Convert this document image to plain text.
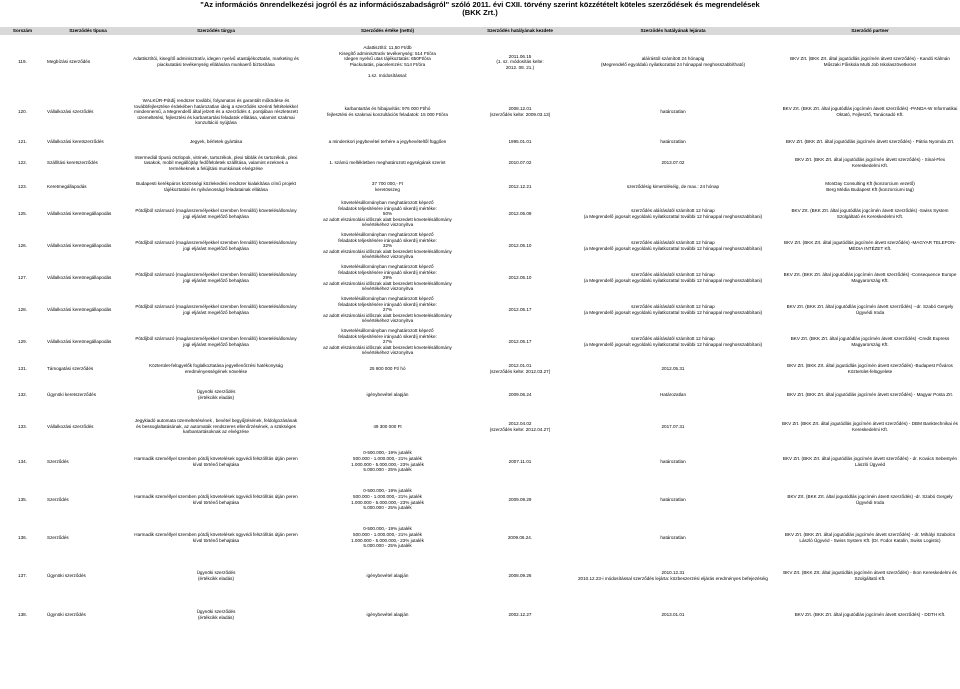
"Az információs önrendelkezési jogról és az információszabadságról" szóló 2011. évi CXII. törvény szerint közzétételt köteles szerződések és megrendelések
(BKK Zrt.)
Sorszám	Szerződés típusa	Szerződés tárgya	Szerződés értéke (nettó)	Szerződés hatályának kezdete	Szerződés hatályának lejárata	Szerződő partner
119.	Megbízási szerződés	Adattisztítói, kisegítő adminisztratív, idegen nyelvű utastájékoztatás, marketing és piackutatási tevékenység ellátására munkaerő biztosítása	Adattisztító: 11,50 Ft/db
Kisegítő adminisztratív tevékenység: 514 Ft/óra
Idegen nyelvű utas tájékoztatás: 650Ft/óra
Piackutatás, piacelemzés: 514 Ft/óra

1.sz. módosítással:	2011.06.15
(1. sz. módosítás kelte:
2012. 08. 21.)	aláírástól számított 24 hónapig
(Megrendelő egyoldalú nyilatkozattal 24 hónappal meghosszabbítható)	BKV Zrt. (BKK Zrt. által jogutódlás jogcímén átvett szerződés) - Kandó Kálmán Műszaki Főiskola Multi Job Iskolaszövetkezet

120.	Vállalkozási szerződés	WALKÜR-Pótdíj rendszer további, folyamatos és garantált működése és továbbfejlesztése érdekében határozatlan ideig a szerződés szerinti feltételekkel mindennemű, a Megrendelő által jelzett és a szerződés 4. pontjában részletezett üzemeltetési, fejlesztési és karbantartási feladatok ellátása, valamint szakmai konzultáció nyújtása	karbantartás és hibajavítás: 976 000 Ft/hó
fejlesztési és szakmai konzultációs feladatok: 15 000 Ft/óra	2008.12.01
(szerződés kelte: 2009.03.13)	határozatlan	BKV Zrt. (BKK Zrt. által jogutódlás jogcímén átvett szerződés) -PANDA-W Informatikai Oktató, Fejlesztő, Tanácsadó Kft.

121.	Vállalkozási keretszerződés	Jegyek, bérletek gyártása	a mindenkori jegybevétel terhére a jegyhevételtől függően	1995.01.01	határozatlan	BKV Zrt. (BKK Zrt. által jogutódlás jogcímén átvett szerződés) - Pátria Nyomda Zrt.

122.	Szállítási keretszerződés	Intermediál típusú öszlopok, vitrinek, tartozékok, plexi táblák és tartozékok, plexi tasakok, mobil megállójtáp fedőfelületek szállítása, valamint ezeknek a termékeknek a felújítási munkáinak elvégzése	1. számú mellékletben meghatározott egységárak szerint	2010.07.02	2013.07.02	BKV Zrt. (BKK Zrt. által jogutódlás jogcímén átvett szerződés) - Sinal-Flex Kereskedelmi Kft.

123.	Keretmegállapodás	Budapesti kerékpáros közösségi közlekedési rendszer kialakítása című projekt tájékoztatási és nyilvánossági feladatainak ellátása	37 700 000,- Ft
keretösszeg	2012.12.21	szerződésig kimerüléséig, de max.: 24 hónap	MonDay Consulting Kft (konzorcium vezető)
Berg Média Budapest Kft (konzorciumi tag)

125.	Vállalkozási keretmegállapodás	Pótdíjból származó (magánszemélyekkel szemben fennálló) követelésállomány jogi eljárást megelőző behajtása	követelésállományban meghatározott képező
feladatok teljesítésére irányadó sikerdíj mértéke:
50%
az adott elszámolási időszak alatt beszedett követelésállomány
névértékéhez viszonyítva	2012.05.09	szerződés aláírásától számított 12 hónap
(a Megrendelő jogosult egyoldalú nyilatkozattal további 12 hónappal meghosszabbítani)	BKV Zrt. (BKK Zrt. által jogutódlás jogcímén átvett szerződés) -Swiss System Szolgáltató és Kereskedelmi Kft.
126.	Vállalkozási keretmegállapodás	Pótdíjból származó (magánszemélyekkel szemben fennálló) követelésállomány jogi eljárást megelőző behajtása	követelésállományban meghatározott képező
feladatok teljesítésére irányadó sikerdíj mértéke:
32%
az adott elszámolási időszak alatt beszedett követelésállomány
névértékéhez viszonyítva	2012.05.10	szerződés aláírásától számított 12 hónap
(a Megrendelő jogosult egyoldalú nyilatkozattal további 12 hónappal meghosszabbítani)	BKV Zrt. (BKK Zrt. által jogutódlás jogcímén átvett szerződés) -MAGYAR TELEFON-MÉDIA INTÉZET Kft.
127.	Vállalkozási keretmegállapodás	Pótdíjból származó (magánszemélyekkel szemben fennálló) követelésállomány jogi eljárást megelőző behajtása	követelésállományban meghatározott képező
feladatok teljesítésére irányadó sikerdíj mértéke:
29%
az adott elszámolási időszak alatt beszedett követelésállomány
névértékéhez viszonyítva	2012.05.10	szerződés aláírásától számított 12 hónap
(a Megrendelő jogosult egyoldalú nyilatkozattal további 12 hónappal meghosszabbítani)	BKV Zrt. (BKK Zrt. által jogutódlás jogcímén átvett szerződés) -Consequence Europe Magyarország Kft.
128.	Vállalkozási keretmegállapodás	Pótdíjból származó (magánszemélyekkel szemben fennálló) követelésállomány jogi eljárást megelőző behajtása	követelésállományban meghatározott képező
feladatok teljesítésére irányadó sikerdíj mértéke:
27%
az adott elszámolási időszak alatt beszedett követelésállomány
névértékéhez viszonyítva	2012.05.17	szerződés aláírásától számított 12 hónap
(a Megrendelő jogosult egyoldalú nyilatkozattal további 12 hónappal meghosszabbítani)	BKV Zrt. (BKK Zrt. által jogutódlás jogcímén átvett szerződés) --dr. Szabó Gergely Ügyvédi Iroda
129.	Vállalkozási keretmegállapodás	Pótdíjból származó (magánszemélyekkel szemben fennálló) követelésállomány jogi eljárást megelőző behajtása	követelésállományban meghatározott képező
feladatok teljesítésére irányadó sikerdíj mértéke:
27%
az adott elszámolási időszak alatt beszedett követelésállomány
névértékéhez viszonyítva	2012.05.17	szerződés aláírásától számított 12 hónap
(a Megrendelő jogosult egyoldalú nyilatkozattal további 12 hónappal meghosszabbítani)	BKV Zrt. (BKK Zrt. által jogutódlás jogcímén átvett szerződés) -Credit Express Magyarország Kft.

131.	Támogatási szerződés	Közterület-felügyelők foglalkoztatása jegyellenőrzési hatékonyság eredményességének növelése	25 800 000 Ft/ hó	2012.01.01
(szerződés kelte: 2012.03.27)	2012.05.31	BKV Zrt. (BKK Zrt. által jogutódlás jogcímén átvett szerződés) -Budapest Főváros Közterület-felügyelete

132.	Ügynöki keretszerződés	Ügynöki szerződés
(értékcikk eladás)	igénybevétel alapján	2009.06.24	Határozatlan	BKV Zrt. (BKK Zrt. által jogutódlás jogcímén átvett szerződés) - Magyar Posta Zrt.

133.	Vállalkozási szerződés	Jegykiadó automata üzemeltetésének , bevétel begyűjtésének, feldolgozásának és bessoglaltatásának, az automaták rendszeres ellenőrzésének, a szükséges karbantartásoknak az elvégzése	49 300 000 Ft	2012.04.02
(szerződés kelte: 2012.04.27)	2017.07.31	BKV Zrt. (BKK Zrt. által jogutódlás jogcímén átvett szerződés) - DBM Banktechnikai és Kereskedelmi Kft.

134.	Szerződés	Harmadik személlyel szemben pótdíj követelések ügyvédi felszólítás útján peren kívül történő behajtása	0-500.000,- 19% jutalék
500.000 - 1.000.000,- 21% jutalék
1.000.000 - 5.000.000,- 23% jutalék
5.000.000 - 25% jutalék	2007.11.01	határozatlan	BKV Zrt. (BKK Zrt. által jogutódlás jogcímén átvett szerződés) - dr. Kovács Sebestyén László Ügyvéd

135.	Szerződés	Harmadik személlyel szemben pótdíj követelések ügyvédi felszólítás útján peren kívül történő behajtása	0-500.000,- 19% jutalék
500.000 - 1.000.000,- 21% jutalék
1.000.000 - 5.000.000,- 23% jutalék
5.000.000 - 25% jutalék	2009.09.29	határozatlan	BKV Zrt. (BKK Zrt. által jogutódlás jogcímén átvett szerződés) -dr. Szabó Gergely Ügyvédi Iroda

136.	Szerződés	Harmadik személlyel szemben pótdíj követelések ügyvédi felszólítás útján peren kívül történő behajtása	0-500.000,- 19% jutalék
500.000 - 1.000.000,- 21% jutalék
1.000.000 - 5.000.000,- 23% jutalék
5.000.000 - 25% jutalék	2009.06.24.	határozatlan	BKV Zrt. (BKK Zrt. által jogutódlás jogcímén átvett szerződés) - dr. Mihályi Szabolcs László Ügyvéd - Swiss System Kft. (Dr. Fodor Katalin, Swiss Logistic)

137.	Ügynöki szerződés	Ügynöki szerződés
(értékcikk eladás)	igénybevétel alapján	2008.09.26	2010.12.31
2010.12.23-i módosítással szerződés lejárta: közbeszerzési eljárás eredményes befejezéséig	BKV Zrt. (BKK Zrt. által jogutódlás jogcímén átvett szerződés) - Ikon Kereskedelmi és Szolgáltató Kft.

138.	Ügynöki szerződés	Ügynöki szerződés
(értékcikk eladás)	igénybevétel alapján	2002.12.27	2013.01.01	BKV Zrt. (BKK Zrt. által jogutódlás jogcímén átvett szerződés) - DDTH Kft.
